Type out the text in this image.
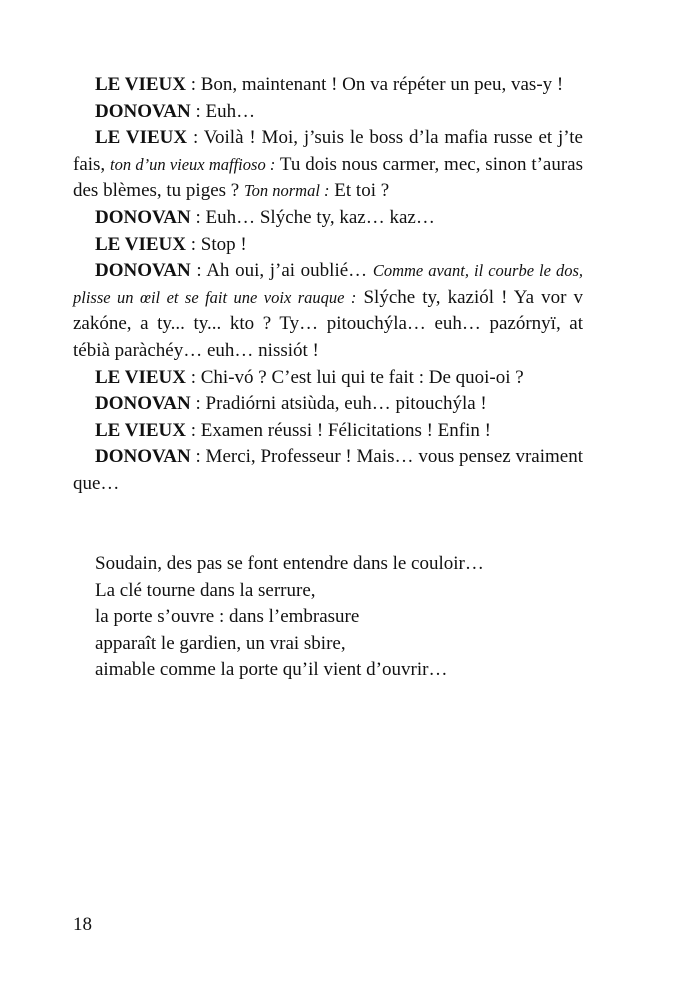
LE VIEUX : Bon, maintenant ! On va répéter un peu, vas-y !

DONOVAN : Euh…

LE VIEUX : Voilà ! Moi, j’suis le boss d’la mafia russe et j’te fais, ton d’un vieux maffioso : Tu dois nous carmer, mec, sinon t’auras des blèmes, tu piges ? Ton normal : Et toi ?

DONOVAN : Euh… Slýche ty, kaz… kaz…

LE VIEUX : Stop !

DONOVAN : Ah oui, j’ai oublié… Comme avant, il courbe le dos, plisse un œil et se fait une voix rauque : Slýche ty, kaziól ! Ya vor v zakóne, a ty... ty... kto ? Ty… pitouchýla… euh… pazórnyï, at tébià paràchéy… euh… nissiót !

LE VIEUX : Chi-vó ? C’est lui qui te fait : De quoi-oi ?

DONOVAN : Pradiórni atsiùda, euh… pitouchýla !

LE VIEUX : Examen réussi ! Félicitations ! Enfin !

DONOVAN : Merci, Professeur ! Mais… vous pensez vraiment que…

Soudain, des pas se font entendre dans le couloir…

La clé tourne dans la serrure,

la porte s’ouvre : dans l’embrasure

apparaît le gardien, un vrai sbire,

aimable comme la porte qu’il vient d’ouvrir…

18
